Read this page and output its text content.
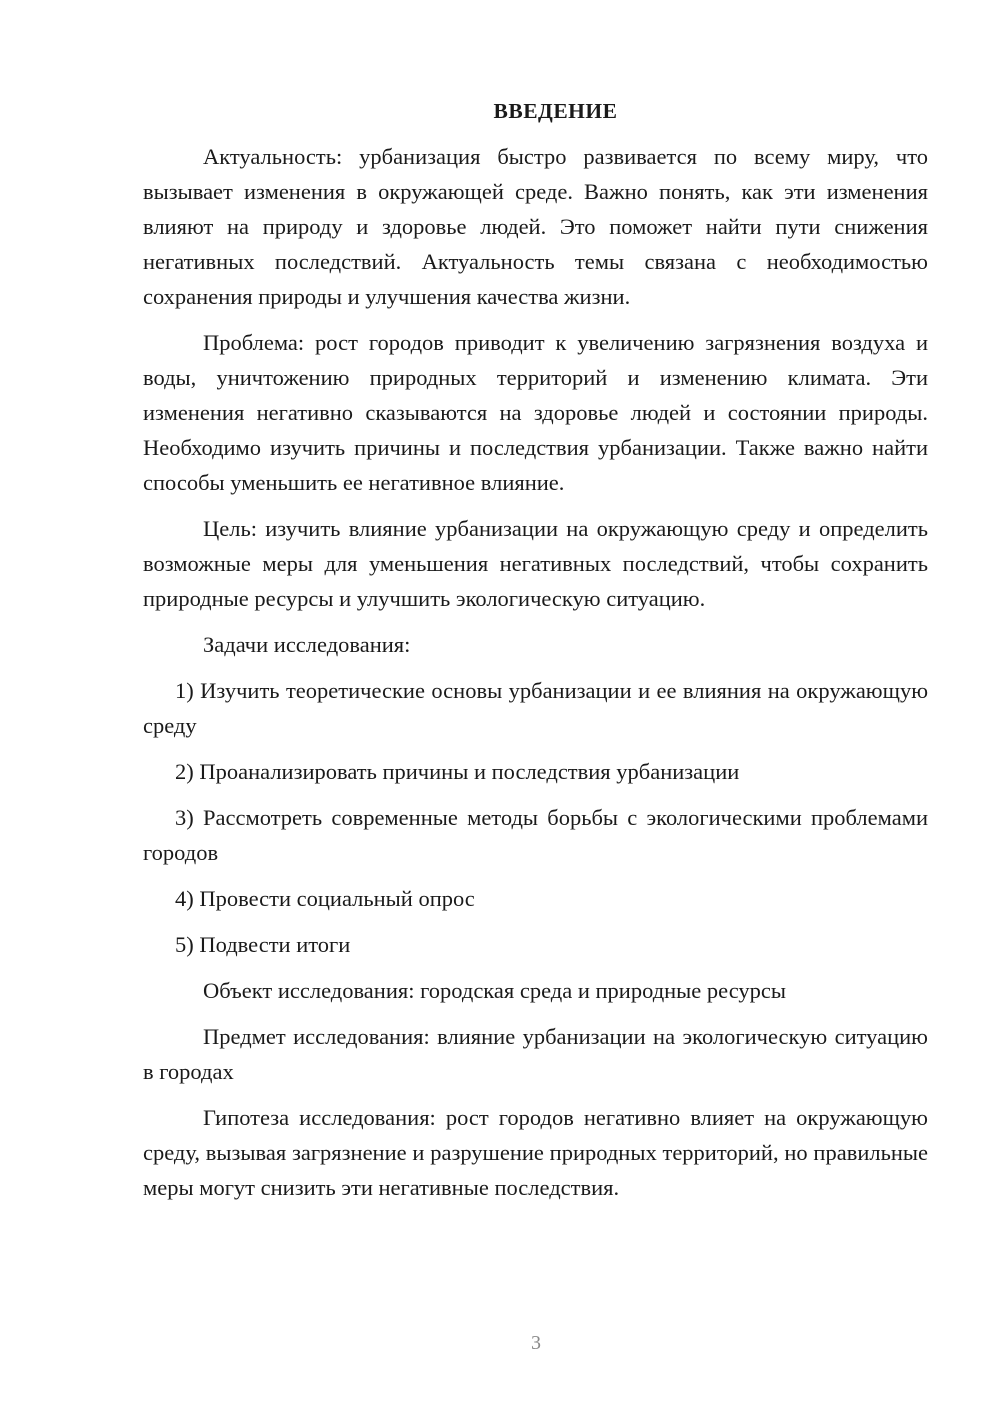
ВВЕДЕНИЕ

Актуальность: урбанизация быстро развивается по всему миру, что вызывает изменения в окружающей среде. Важно понять, как эти изменения влияют на природу и здоровье людей. Это поможет найти пути снижения негативных последствий. Актуальность темы связана с необходимостью сохранения природы и улучшения качества жизни.

Проблема: рост городов приводит к увеличению загрязнения воздуха и воды, уничтожению природных территорий и изменению климата. Эти изменения негативно сказываются на здоровье людей и состоянии природы. Необходимо изучить причины и последствия урбанизации. Также важно найти способы уменьшить ее негативное влияние.

Цель: изучить влияние урбанизации на окружающую среду и определить возможные меры для уменьшения негативных последствий, чтобы сохранить природные ресурсы и улучшить экологическую ситуацию.

Задачи исследования:

1) Изучить теоретические основы урбанизации и ее влияния на окружающую среду

2) Проанализировать причины и последствия урбанизации

3) Рассмотреть современные методы борьбы с экологическими проблемами городов

4) Провести социальный опрос

5) Подвести итоги

Объект исследования: городская среда и природные ресурсы

Предмет исследования: влияние урбанизации на экологическую ситуацию в городах

Гипотеза исследования: рост городов негативно влияет на окружающую среду, вызывая загрязнение и разрушение природных территорий, но правильные меры могут снизить эти негативные последствия.

3
